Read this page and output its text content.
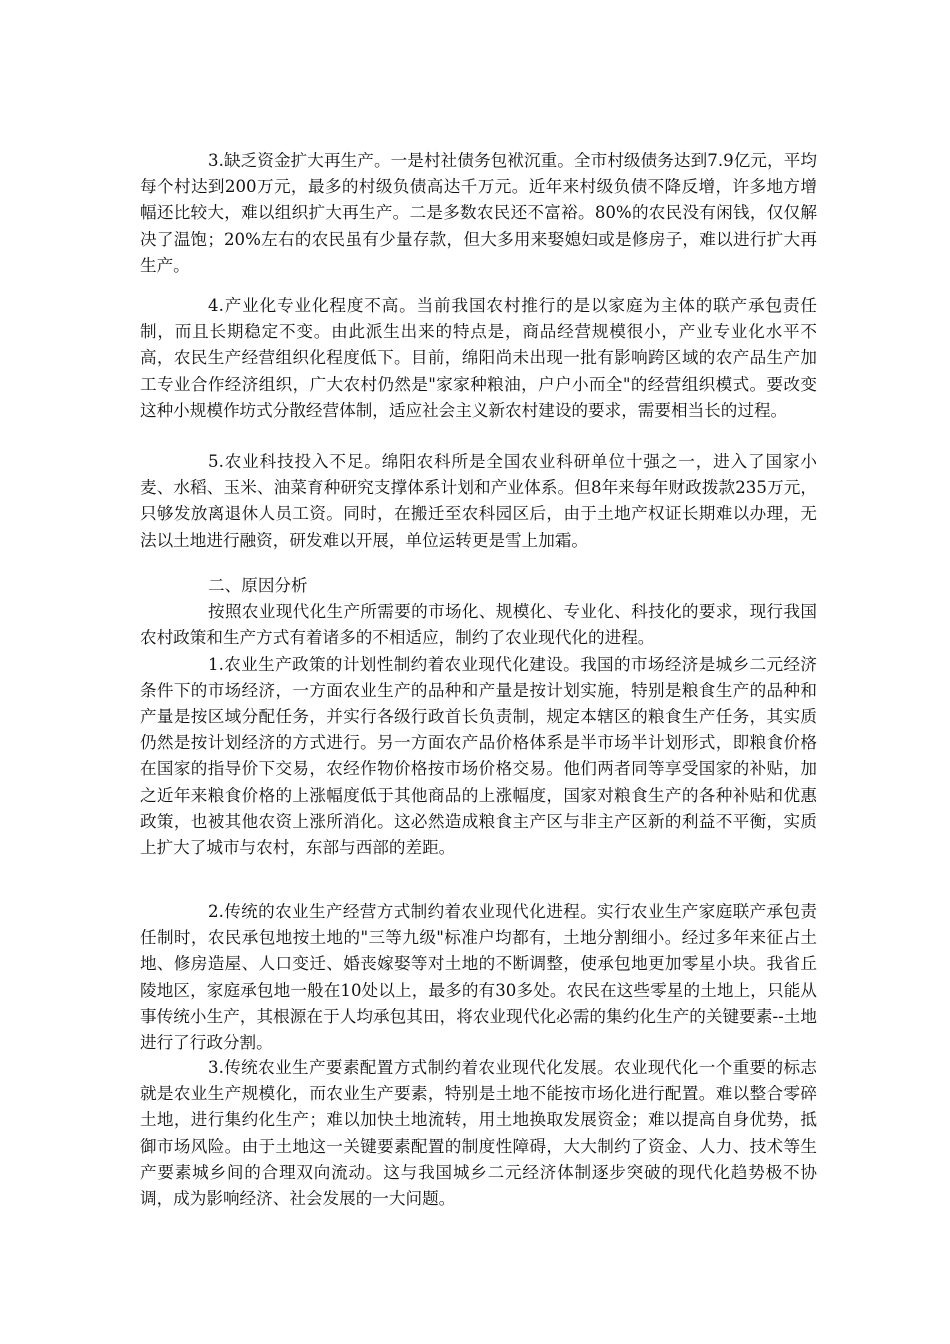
3.缺乏资金扩大再生产。一是村社债务包袱沉重。全市村级债务达到7.9亿元，平均每个村达到200万元，最多的村级负债高达千万元。近年来村级负债不降反增，许多地方增幅还比较大，难以组织扩大再生产。二是多数农民还不富裕。80%的农民没有闲钱，仅仅解决了温饱；20%左右的农民虽有少量存款，但大多用来娶媳妇或是修房子，难以进行扩大再生产。

4.产业化专业化程度不高。当前我国农村推行的是以家庭为主体的联产承包责任制，而且长期稳定不变。由此派生出来的特点是，商品经营规模很小，产业专业化水平不高，农民生产经营组织化程度低下。目前，绵阳尚未出现一批有影响跨区域的农产品生产加工专业合作经济组织，广大农村仍然是"家家种粮油，户户小而全"的经营组织模式。要改变这种小规模作坊式分散经营体制，适应社会主义新农村建设的要求，需要相当长的过程。

5.农业科技投入不足。绵阳农科所是全国农业科研单位十强之一，进入了国家小麦、水稻、玉米、油菜育种研究支撑体系计划和产业体系。但8年来每年财政拨款235万元，只够发放离退休人员工资。同时，在搬迁至农科园区后，由于土地产权证长期难以办理，无法以土地进行融资，研发难以开展，单位运转更是雪上加霜。

二、原因分析

按照农业现代化生产所需要的市场化、规模化、专业化、科技化的要求，现行我国农村政策和生产方式有着诸多的不相适应，制约了农业现代化的进程。

1.农业生产政策的计划性制约着农业现代化建设。我国的市场经济是城乡二元经济条件下的市场经济，一方面农业生产的品种和产量是按计划实施，特别是粮食生产的品种和产量是按区域分配任务，并实行各级行政首长负责制，规定本辖区的粮食生产任务，其实质仍然是按计划经济的方式进行。另一方面农产品价格体系是半市场半计划形式，即粮食价格在国家的指导价下交易，农经作物价格按市场价格交易。他们两者同等享受国家的补贴，加之近年来粮食价格的上涨幅度低于其他商品的上涨幅度，国家对粮食生产的各种补贴和优惠政策，也被其他农资上涨所消化。这必然造成粮食主产区与非主产区新的利益不平衡，实质上扩大了城市与农村，东部与西部的差距。

2.传统的农业生产经营方式制约着农业现代化进程。实行农业生产家庭联产承包责任制时，农民承包地按土地的"三等九级"标准户均都有，土地分割细小。经过多年来征占土地、修房造屋、人口变迁、婚丧嫁娶等对土地的不断调整，使承包地更加零星小块。我省丘陵地区，家庭承包地一般在10处以上，最多的有30多处。农民在这些零星的土地上，只能从事传统小生产，其根源在于人均承包其田，将农业现代化必需的集约化生产的关键要素--土地进行了行政分割。

3.传统农业生产要素配置方式制约着农业现代化发展。农业现代化一个重要的标志就是农业生产规模化，而农业生产要素，特别是土地不能按市场化进行配置。难以整合零碎土地，进行集约化生产；难以加快土地流转，用土地换取发展资金；难以提高自身优势，抵御市场风险。由于土地这一关键要素配置的制度性障碍，大大制约了资金、人力、技术等生产要素城乡间的合理双向流动。这与我国城乡二元经济体制逐步突破的现代化趋势极不协调，成为影响经济、社会发展的一大问题。
